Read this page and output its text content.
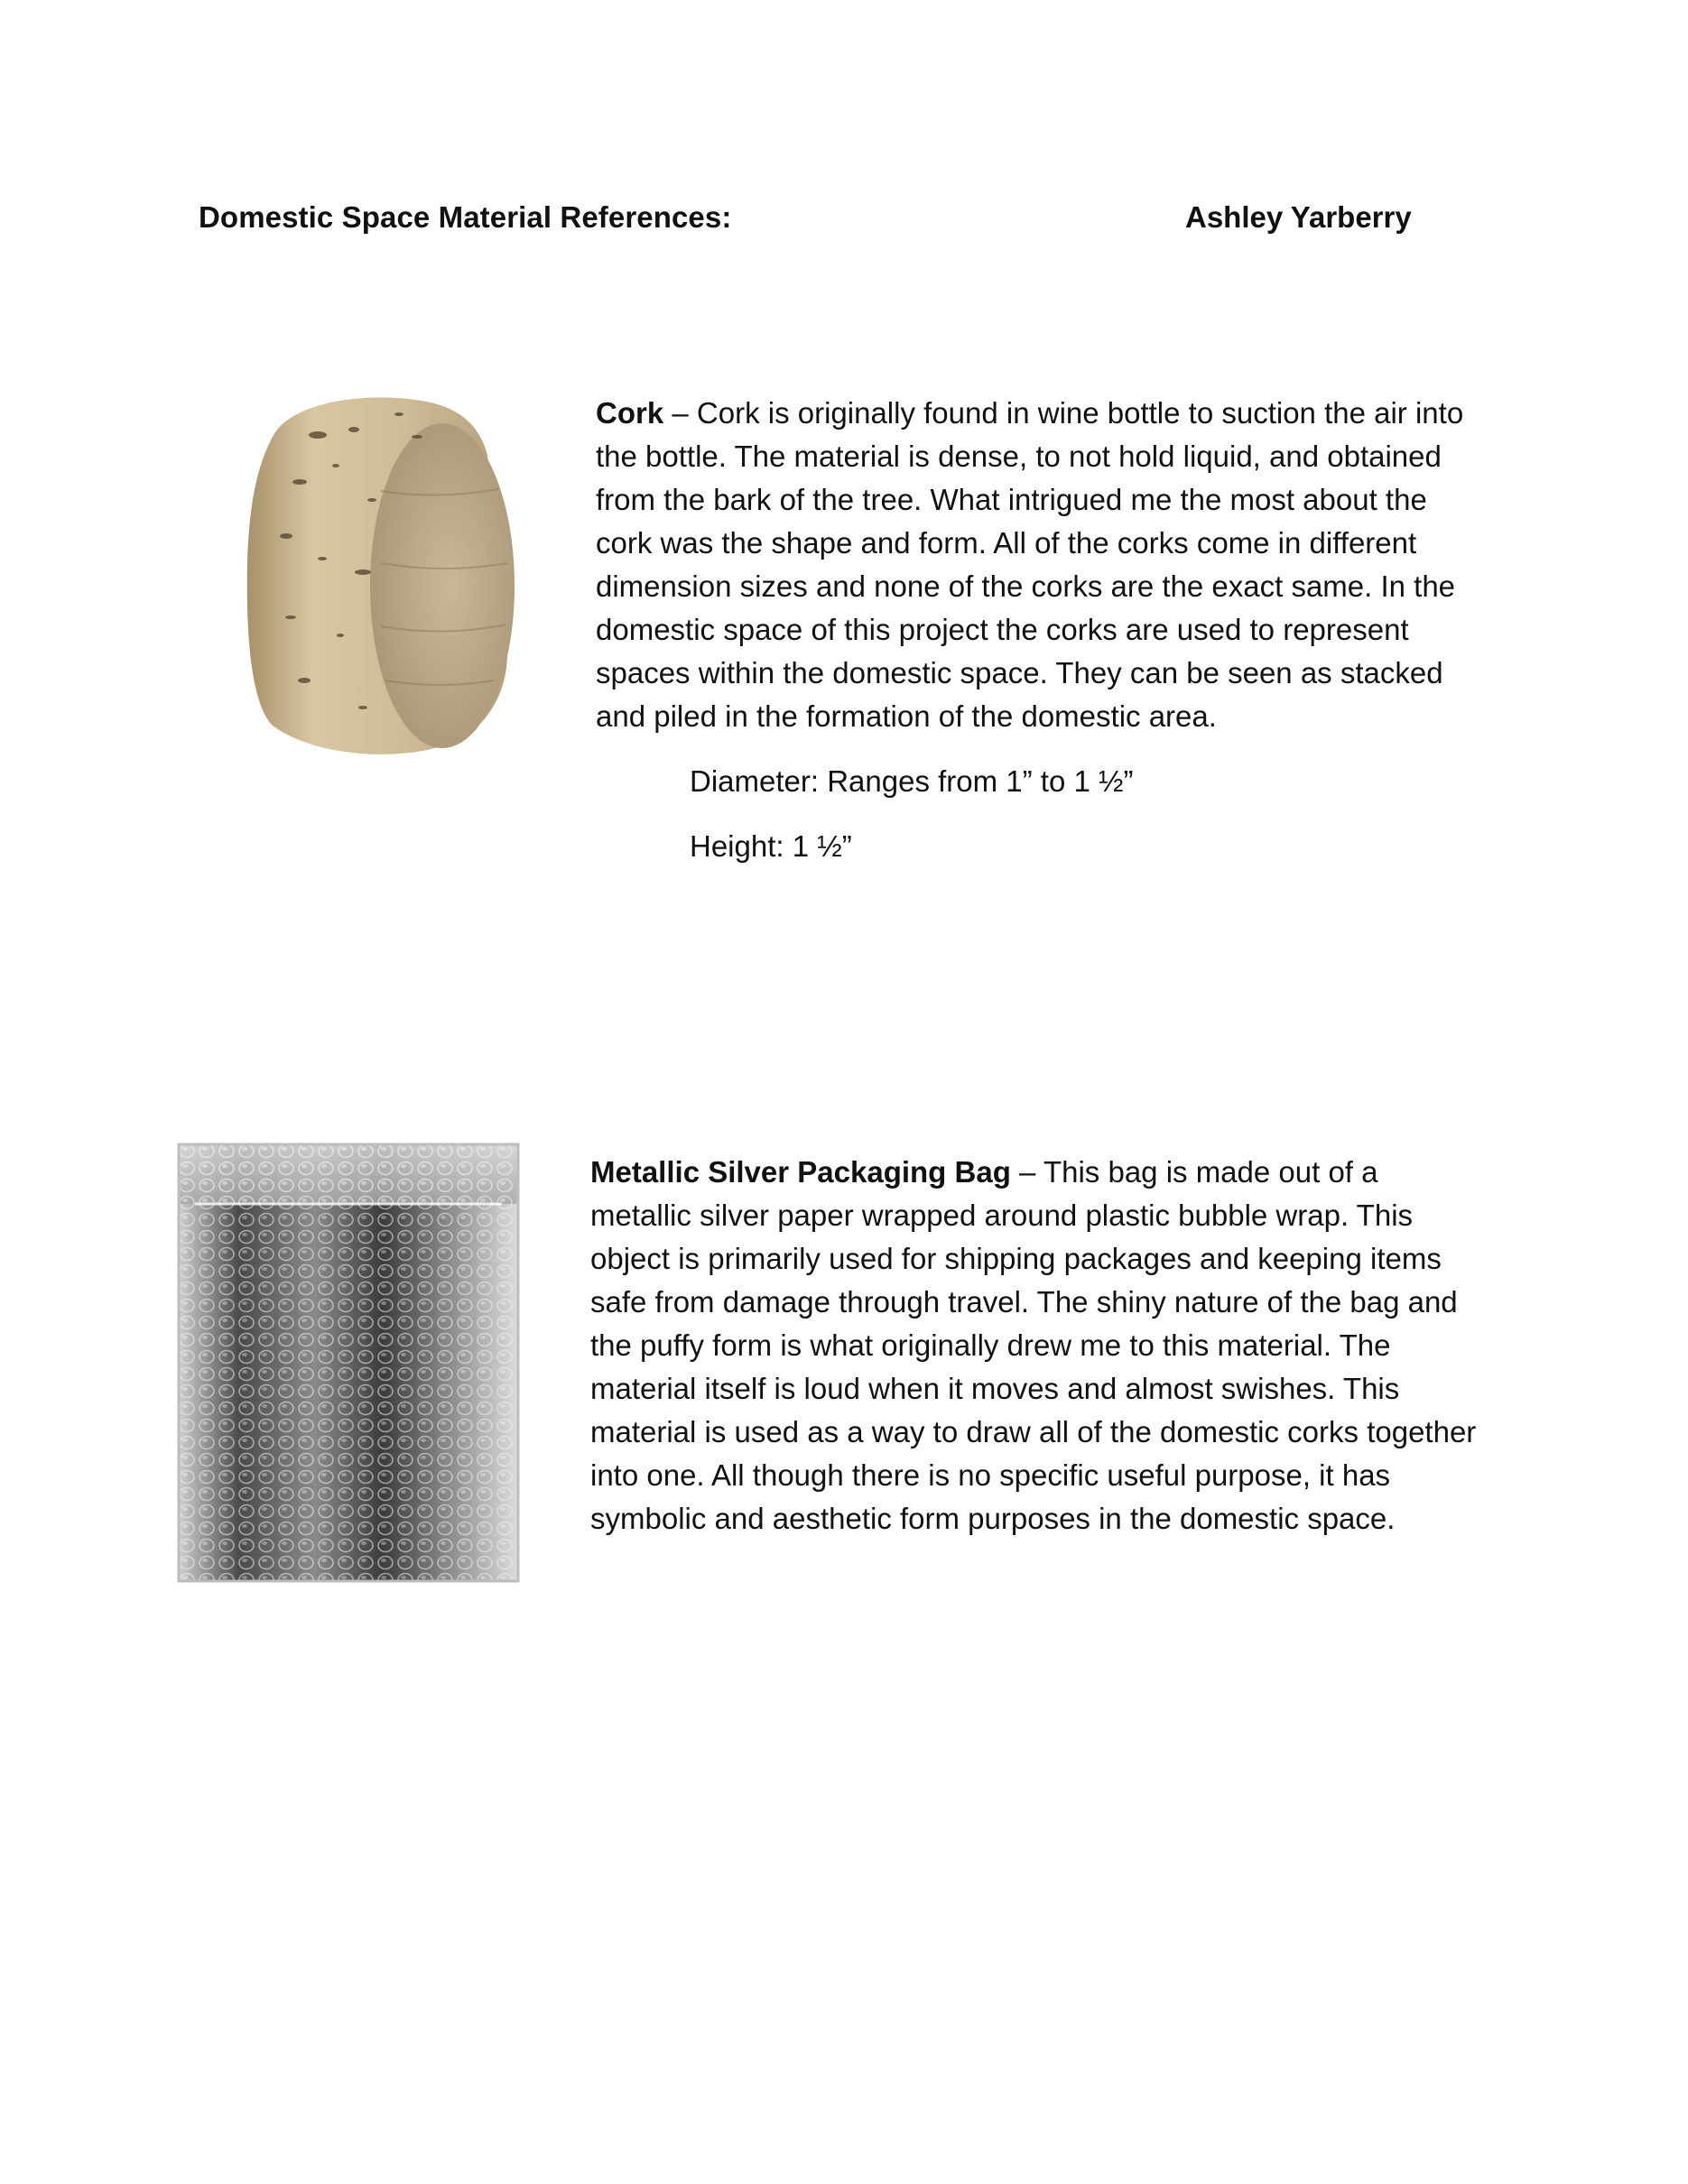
Domestic Space Material References:	Ashley Yarberry
Cork – Cork is originally found in wine bottle to suction the air into the bottle. The material is dense, to not hold liquid, and obtained from the bark of the tree. What intrigued me the most about the cork was the shape and form. All of the corks come in different dimension sizes and none of the corks are the exact same. In the domestic space of this project the corks are used to represent spaces within the domestic space. They can be seen as stacked and piled in the formation of the domestic area.
Diameter: Ranges from 1” to 1 ½”
Height: 1 ½”
Metallic Silver Packaging Bag – This bag is made out of a metallic silver paper wrapped around plastic bubble wrap. This object is primarily used for shipping packages and keeping items safe from damage through travel. The shiny nature of the bag and the puffy form is what originally drew me to this material. The material itself is loud when it moves and almost swishes. This material is used as a way to draw all of the domestic corks together into one. All though there is no specific useful purpose, it has symbolic and aesthetic form purposes in the domestic space.
